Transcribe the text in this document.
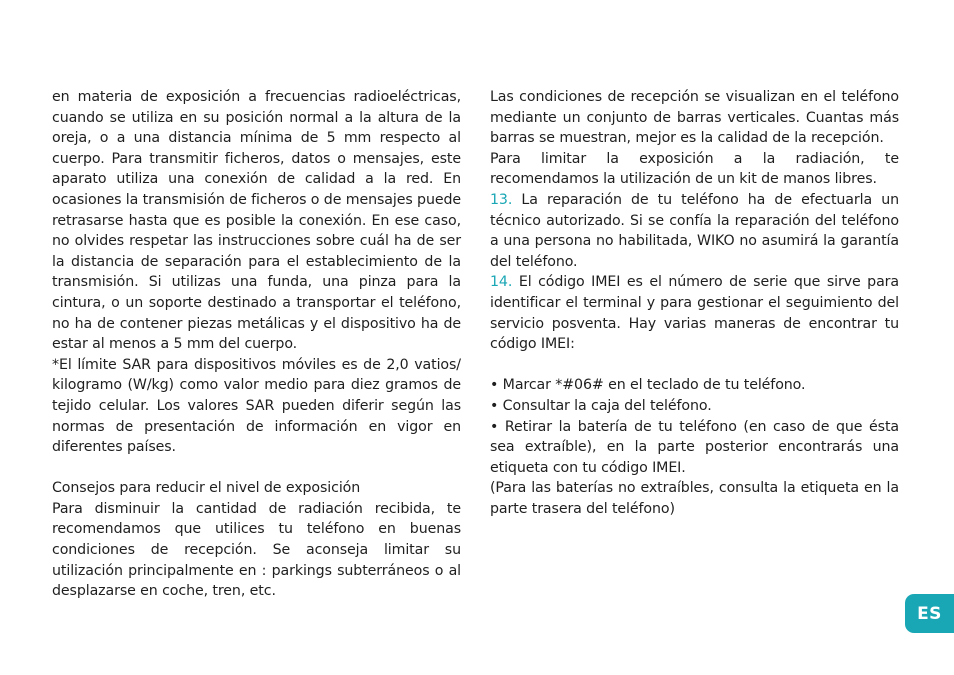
en materia de exposición a frecuencias radioeléctricas, cuando se utiliza en su posición normal a la altura de la oreja, o a una distancia mínima de 5 mm respecto al cuerpo. Para transmitir ficheros, datos o mensajes, este aparato utiliza una conexión de calidad a la red. En ocasiones la transmisión de ficheros o de mensajes puede retrasarse hasta que es posible la conexión. En ese caso, no olvides respetar las instrucciones sobre cuál ha de ser la distancia de separación para el establecimiento de la transmisión. Si utilizas una funda, una pinza para la cintura, o un soporte destinado a transportar el teléfono, no ha de contener piezas metálicas y el dispositivo ha de estar al menos a 5 mm del cuerpo.

*El límite SAR para dispositivos móviles es de 2,0 vatios/ kilogramo (W/kg) como valor medio para diez gramos de tejido celular. Los valores SAR pueden diferir según las normas de presentación de información en vigor en diferentes países.

Consejos para reducir el nivel de exposición

Para disminuir la cantidad de radiación recibida, te recomendamos que utilices tu teléfono en buenas condiciones de recepción. Se aconseja limitar su utilización principalmente en : parkings subterráneos o al desplazarse en coche, tren, etc.

Las condiciones de recepción se visualizan en el teléfono mediante un conjunto de barras verticales. Cuantas más barras se muestran, mejor es la calidad de la recepción.

Para limitar la exposición a la radiación, te recomendamos la utilización de un kit de manos libres.

13. La reparación de tu teléfono ha de efectuarla un técnico autorizado. Si se confía la reparación del teléfono a una persona no habilitada, WIKO no asumirá la garantía del teléfono.

14. El código IMEI es el número de serie que sirve para identificar el terminal y para gestionar el seguimiento del servicio posventa. Hay varias maneras de encontrar tu código IMEI:

• Marcar *#06# en el teclado de tu teléfono.

• Consultar la caja del teléfono.

• Retirar la batería de tu teléfono (en caso de que ésta sea extraíble), en la parte posterior encontrarás una etiqueta con tu código IMEI.

(Para las baterías no extraíbles, consulta la etiqueta en la parte trasera del teléfono)

ES
